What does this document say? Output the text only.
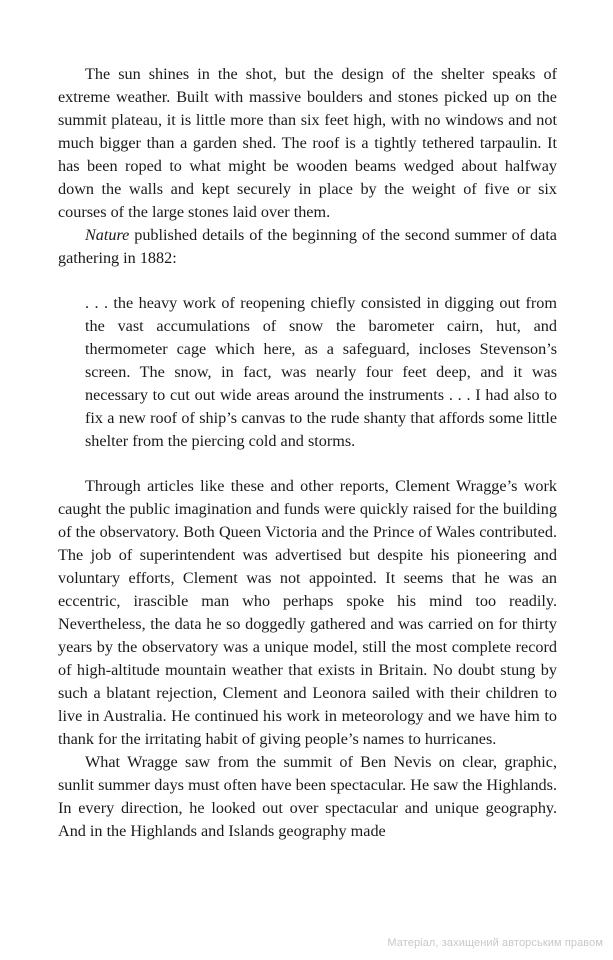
The sun shines in the shot, but the design of the shelter speaks of extreme weather. Built with massive boulders and stones picked up on the summit plateau, it is little more than six feet high, with no windows and not much bigger than a garden shed. The roof is a tightly tethered tarpaulin. It has been roped to what might be wooden beams wedged about halfway down the walls and kept securely in place by the weight of five or six courses of the large stones laid over them.

Nature published details of the beginning of the second summer of data gathering in 1882:

. . . the heavy work of reopening chiefly consisted in digging out from the vast accumulations of snow the barometer cairn, hut, and thermometer cage which here, as a safeguard, incloses Stevenson’s screen. The snow, in fact, was nearly four feet deep, and it was necessary to cut out wide areas around the instruments . . . I had also to fix a new roof of ship’s canvas to the rude shanty that affords some little shelter from the piercing cold and storms.

Through articles like these and other reports, Clement Wragge’s work caught the public imagination and funds were quickly raised for the building of the observatory. Both Queen Victoria and the Prince of Wales contributed. The job of superintendent was advertised but despite his pioneering and voluntary efforts, Clement was not appointed. It seems that he was an eccentric, irascible man who perhaps spoke his mind too readily. Nevertheless, the data he so doggedly gathered and was carried on for thirty years by the observatory was a unique model, still the most complete record of high-altitude mountain weather that exists in Britain. No doubt stung by such a blatant rejection, Clement and Leonora sailed with their children to live in Australia. He continued his work in meteorology and we have him to thank for the irritating habit of giving people’s names to hurricanes.

What Wragge saw from the summit of Ben Nevis on clear, graphic, sunlit summer days must often have been spectacular. He saw the Highlands. In every direction, he looked out over spectacular and unique geography. And in the Highlands and Islands geography made

Матеріал, захищений авторським правом
